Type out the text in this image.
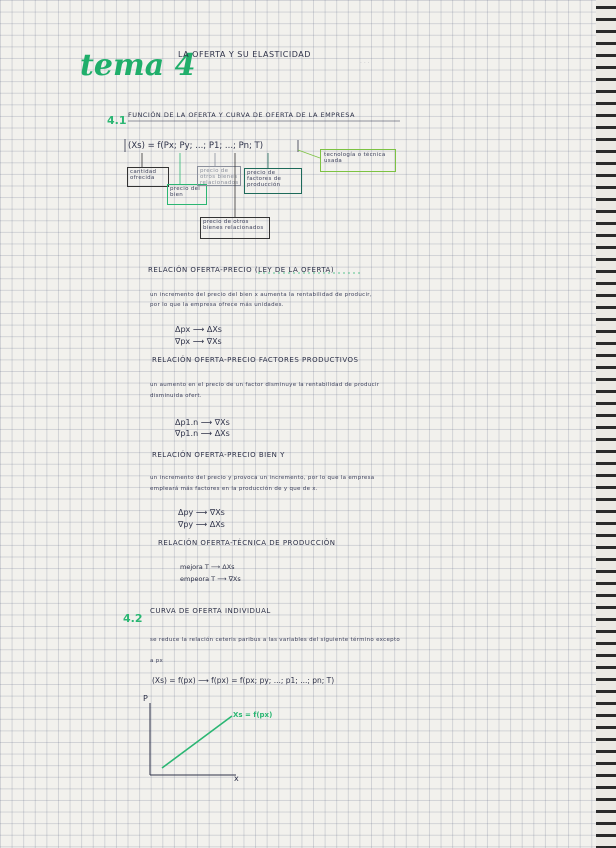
· · ·
tema 4
LA OFERTA Y SU ELASTICIDAD
4.1 FUNCIÓN DE LA OFERTA Y CURVA DE OFERTA DE LA EMPRESA
(Xs) = f(Px; Py; ...; P1; ...; Pn; T)
cantidad ofrecida
precio del bien
precio de otros bienes relacionados
precio de factores de producción
precio de otros bienes relacionados
tecnología o técnica usada
RELACIÓN OFERTA-PRECIO (LEY DE LA OFERTA)
un incremento del precio del bien x aumenta la rentabilidad de producir,
por lo que la empresa ofrece más unidades.
Δpx ⟶ ΔXs
∇px ⟶ ∇Xs
RELACIÓN OFERTA-PRECIO FACTORES PRODUCTIVOS
un aumento en el precio de un factor disminuye la rentabilidad de producir
disminuida ofert.
Δp1.n ⟶ ∇Xs
∇p1.n ⟶ ΔXs
RELACIÓN OFERTA-PRECIO BIEN Y
un incremento del precio y provoca un incremento, por lo que la empresa
empleará más factores en la producción de y que de x.
Δpy ⟶ ∇Xs
∇py ⟶ ΔXs
RELACIÓN OFERTA-TÉCNICA DE PRODUCCIÓN
mejora T ⟶ ΔXs
empeora T ⟶ ∇Xs
4.2
CURVA DE OFERTA INDIVIDUAL
se reduce la relación ceteris paribus a las variables del siguiente término excepto
a px
(Xs) = f(px) ⟶ f(px) = f(px; py; ...; p1; ...; pn; T)
P
x
Xs = f(px)
